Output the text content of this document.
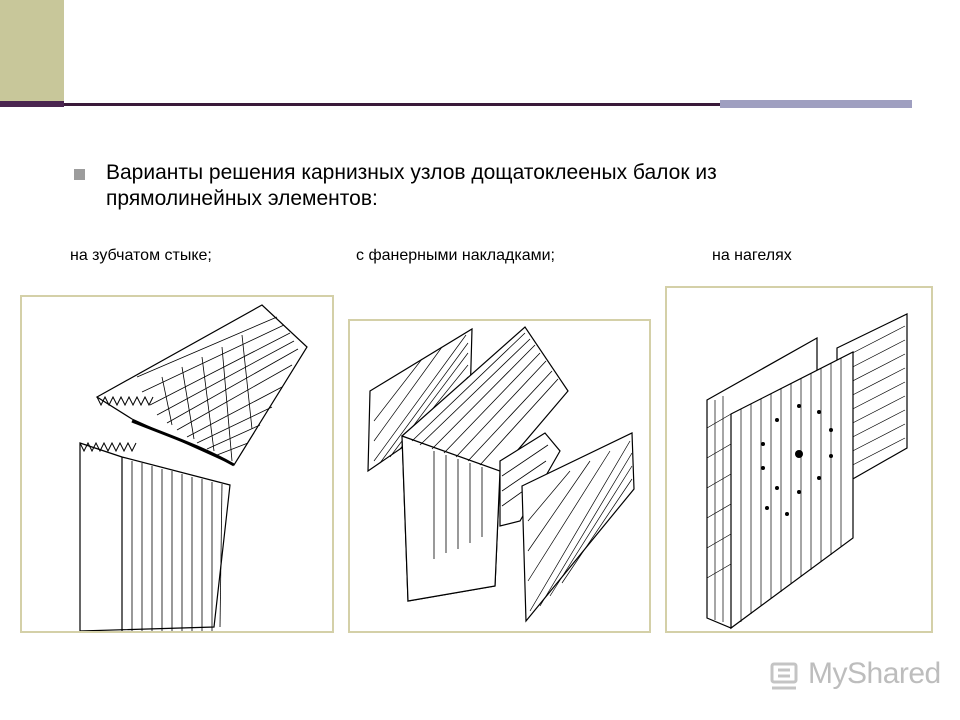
Варианты решения карнизных узлов дощатоклееных балок из прямолинейных элементов:
на зубчатом стыке;	с фанерными накладками;	на нагелях
MyShared
